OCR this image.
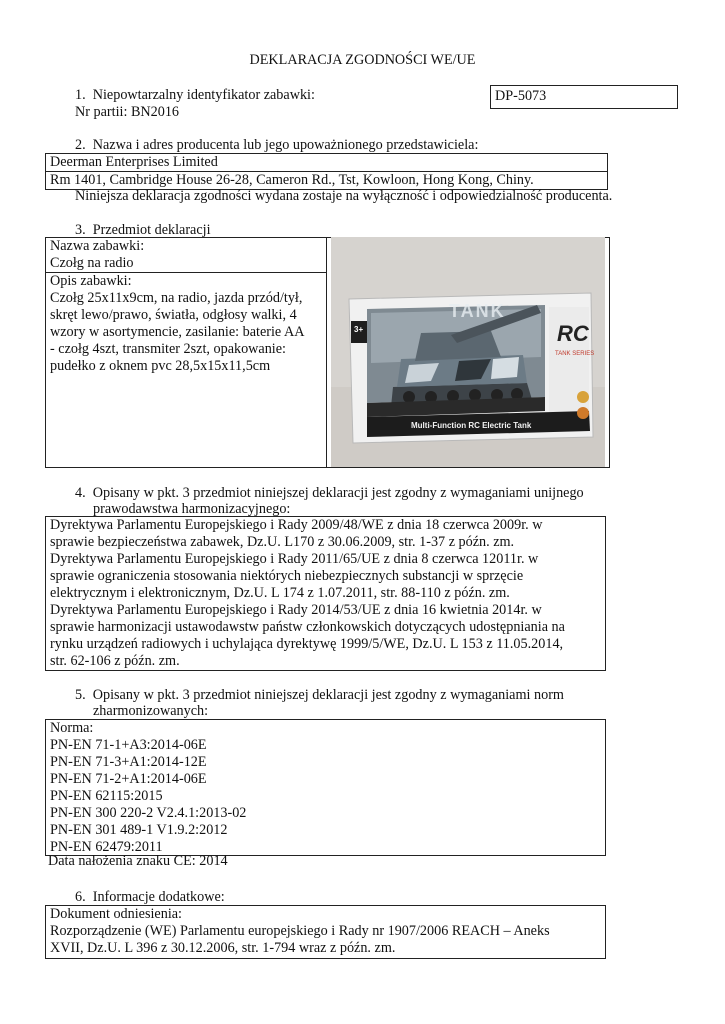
DEKLARACJA ZGODNOŚCI WE/UE
1.  Niepowtarzalny identyfikator zabawki:
Nr partii: BN2016
DP-5073
2.  Nazwa i adres producenta lub jego upoważnionego przedstawiciela:
Deerman Enterprises Limited
Rm 1401, Cambridge House 26-28, Cameron Rd., Tst, Kowloon, Hong Kong, Chiny.
Niniejsza deklaracja zgodności wydana zostaje na wyłączność i odpowiedzialność producenta.
3.  Przedmiot deklaracji
Nazwa zabawki:
Czołg na radio
Opis zabawki:
Czołg 25x11x9cm, na radio, jazda przód/tył,
skręt lewo/prawo, światła, odgłosy walki, 4
wzory w asortymencie, zasilanie: baterie AA
- czołg 4szt, transmiter 2szt, opakowanie:
pudełko z oknem pvc 28,5x15x11,5cm
3+
TANK
RC
TANK SERIES
Multi-Function RC Electric Tank
4.  Opisany w pkt. 3 przedmiot niniejszej deklaracji jest zgodny z wymaganiami unijnego
prawodawstwa harmonizacyjnego:
Dyrektywa Parlamentu Europejskiego i Rady 2009/48/WE z dnia 18 czerwca 2009r. w
sprawie bezpieczeństwa zabawek, Dz.U. L170 z 30.06.2009, str. 1-37 z późn. zm.
Dyrektywa Parlamentu Europejskiego i Rady 2011/65/UE z dnia 8 czerwca 12011r. w
sprawie ograniczenia stosowania niektórych niebezpiecznych substancji w sprzęcie
elektrycznym i elektronicznym, Dz.U. L 174 z 1.07.2011, str. 88-110 z późn. zm.
Dyrektywa Parlamentu Europejskiego i Rady 2014/53/UE z dnia 16 kwietnia 2014r. w
sprawie harmonizacji ustawodawstw państw członkowskich dotyczących udostępniania na
rynku urządzeń radiowych i uchylająca dyrektywę 1999/5/WE, Dz.U. L 153 z 11.05.2014,
str. 62-106 z późn. zm.
5.  Opisany w pkt. 3 przedmiot niniejszej deklaracji jest zgodny z wymaganiami norm
zharmonizowanych:
Norma:
PN-EN 71-1+A3:2014-06E
PN-EN 71-3+A1:2014-12E
PN-EN 71-2+A1:2014-06E
PN-EN 62115:2015
PN-EN 300 220-2 V2.4.1:2013-02
PN-EN 301 489-1 V1.9.2:2012
PN-EN 62479:2011
Data nałożenia znaku CE: 2014
6.  Informacje dodatkowe:
Dokument odniesienia:
Rozporządzenie (WE) Parlamentu europejskiego i Rady nr 1907/2006 REACH – Aneks
XVII, Dz.U. L 396 z 30.12.2006, str. 1-794 wraz z późn. zm.
